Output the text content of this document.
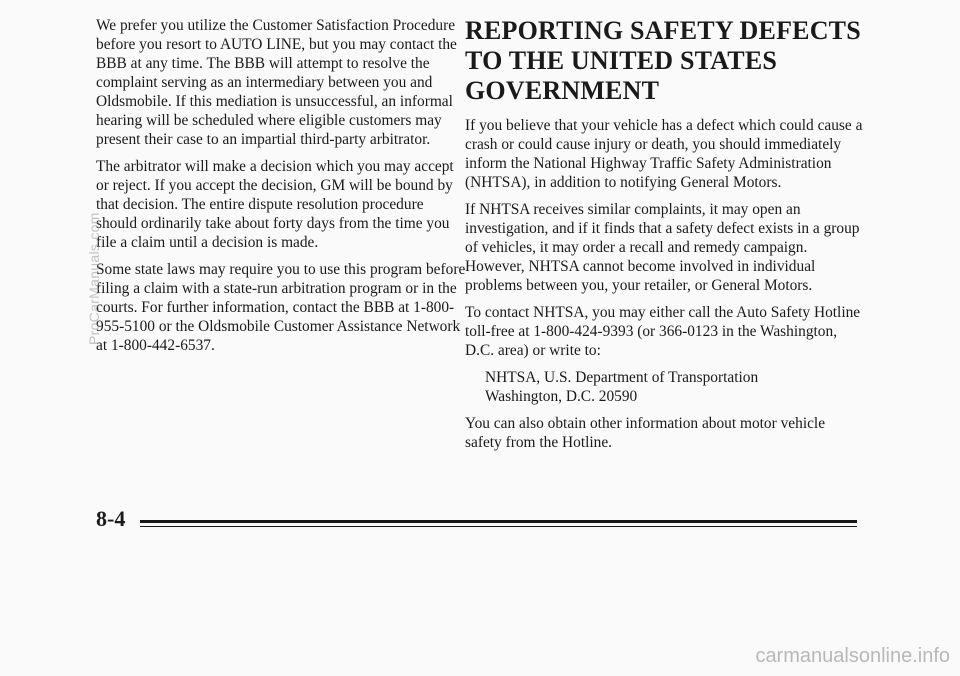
We prefer you utilize the Customer Satisfaction Procedure before you resort to AUTO LINE, but you may contact the BBB at any time. The BBB will attempt to resolve the complaint serving as an intermediary between you and Oldsmobile. If this mediation is unsuccessful, an informal hearing will be scheduled where eligible customers may present their case to an impartial third-party arbitrator.

The arbitrator will make a decision which you may accept or reject. If you accept the decision, GM will be bound by that decision. The entire dispute resolution procedure should ordinarily take about forty days from the time you file a claim until a decision is made.

Some state laws may require you to use this program before filing a claim with a state-run arbitration program or in the courts. For further information, contact the BBB at 1-800-955-5100 or the Oldsmobile Customer Assistance Network at 1-800-442-6537.

REPORTING SAFETY DEFECTS TO THE UNITED STATES GOVERNMENT

If you believe that your vehicle has a defect which could cause a crash or could cause injury or death, you should immediately inform the National Highway Traffic Safety Administration (NHTSA), in addition to notifying General Motors.

If NHTSA receives similar complaints, it may open an investigation, and if it finds that a safety defect exists in a group of vehicles, it may order a recall and remedy campaign. However, NHTSA cannot become involved in individual problems between you, your retailer, or General Motors.

To contact NHTSA, you may either call the Auto Safety Hotline toll-free at 1-800-424-9393 (or 366-0123 in the Washington, D.C. area) or write to:

NHTSA, U.S. Department of Transportation
Washington, D.C. 20590

You can also obtain other information about motor vehicle safety from the Hotline.

8-4
ProCarManuals.com
carmanualsonline.info
